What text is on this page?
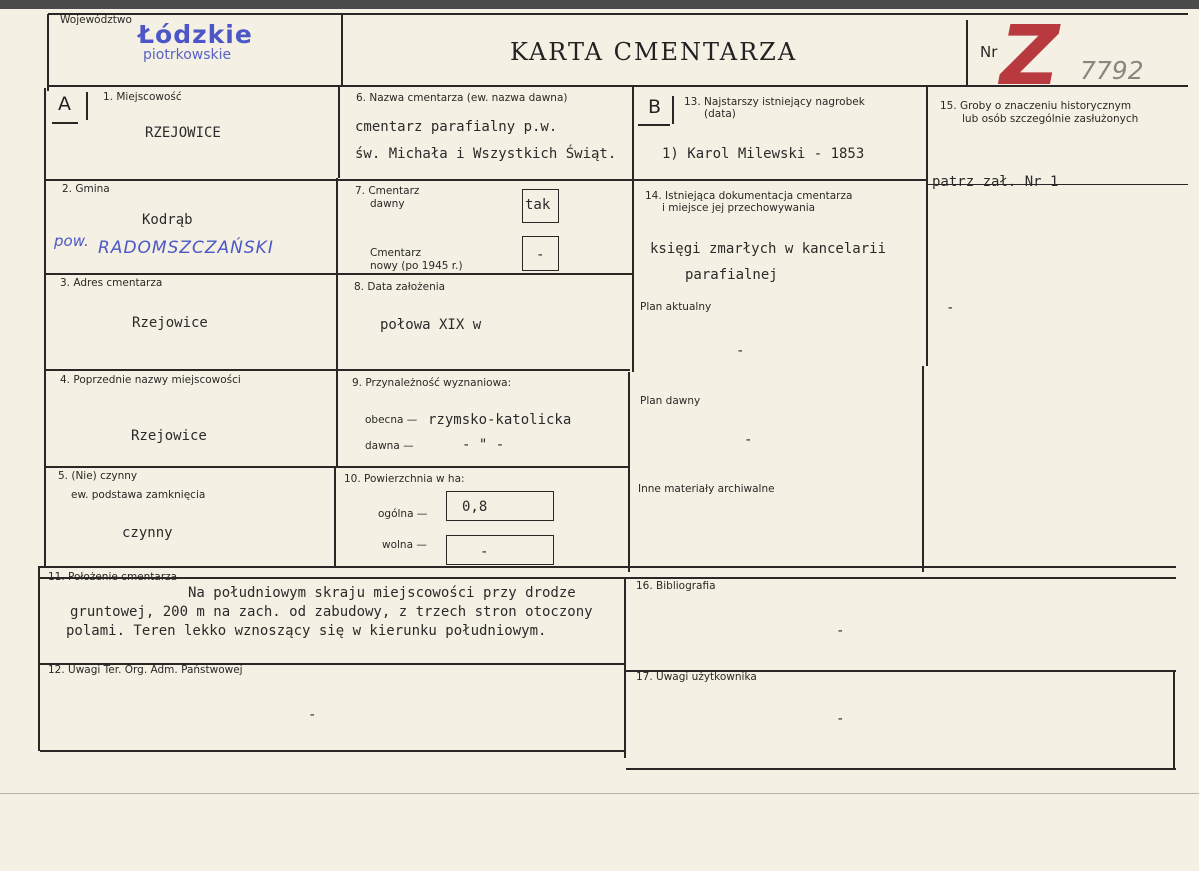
Województwo Łódzkie
piotrkowskie	KARTA CMENTARZA	Nr Z 7792
A	1. Miejscowość
RZEJOWICE
2. Gmina
Kodrąb
pow. RADOMSZCZAŃSKI
3. Adres cmentarza
Rzejowice
4. Poprzednie nazwy miejscowości
Rzejowice
5. (Nie) czynny
ew. podstawa zamknięcia
czynny
6. Nazwa cmentarza (ew. nazwa dawna)
cmentarz parafialny p.w.
św. Michała i Wszystkich Świąt.
7. Cmentarz
dawny	tak
Cmentarz
nowy (po 1945 r.)
-
8. Data założenia
połowa XIX w
9. Przynależność wyznaniowa:
obecna — rzymsko-katolicka
dawna —	- " -
10. Powierzchnia w ha:
ogólna — 0,8
wolna —	-
B 13. Najstarszy istniejący nagrobek
(data)
1) Karol Milewski - 1853
14. Istniejąca dokumentacja cmentarza
i miejsce jej przechowywania
księgi zmarłych w kancelarii
parafialnej
Plan aktualny
-
Plan dawny
-
Inne materiały archiwalne
15. Groby o znaczeniu historycznym
lub osób szczególnie zasłużonych
patrz zał. Nr 1
-
11. Położenie cmentarza
Na południowym skraju miejscowości przy drodze
gruntowej, 200 m na zach. od zabudowy, z trzech stron otoczony
polami. Teren lekko wznoszący się w kierunku południowym.
12. Uwagi Ter. Org. Adm. Państwowej
-
16. Bibliografia
-
17. Uwagi użytkownika
-
